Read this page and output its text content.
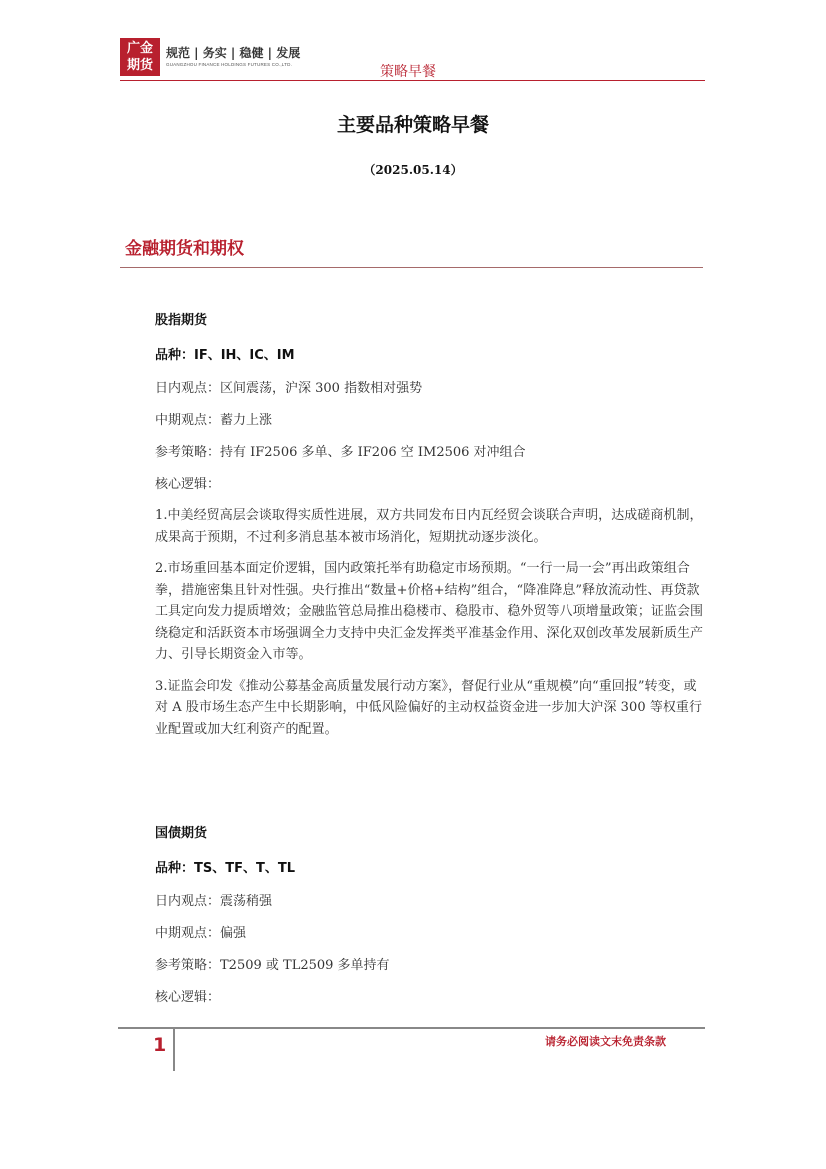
广金
期货
规范 | 务实 | 稳健 | 发展
GUANGZHOU FINANCE HOLDINGS FUTURES CO.,LTD.	策略早餐
主要品种策略早餐
（2025.05.14）
金融期货和期权
股指期货
品种：IF、IH、IC、IM
日内观点：区间震荡，沪深 300 指数相对强势
中期观点：蓄力上涨
参考策略：持有 IF2506 多单、多 IF206 空 IM2506 对冲组合
核心逻辑：

1.中美经贸高层会谈取得实质性进展，双方共同发布日内瓦经贸会谈联合声明，达成磋商机制，成果高于预期，不过利多消息基本被市场消化，短期扰动逐步淡化。

2.市场重回基本面定价逻辑，国内政策托举有助稳定市场预期。“一行一局一会”再出政策组合拳，措施密集且针对性强。央行推出“数量+价格+结构”组合，“降准降息”释放流动性、再贷款工具定向发力提质增效；金融监管总局推出稳楼市、稳股市、稳外贸等八项增量政策；证监会围绕稳定和活跃资本市场强调全力支持中央汇金发挥类平准基金作用、深化双创改革发展新质生产力、引导长期资金入市等。

3.证监会印发《推动公募基金高质量发展行动方案》，督促行业从“重规模”向“重回报”转变，或对 A 股市场生态产生中长期影响，中低风险偏好的主动权益资金进一步加大沪深 300 等权重行业配置或加大红利资产的配置。

国债期货
品种：TS、TF、T、TL
日内观点：震荡稍强
中期观点：偏强
参考策略：T2509 或 TL2509 多单持有
核心逻辑：
1	请务必阅读文末免责条款
